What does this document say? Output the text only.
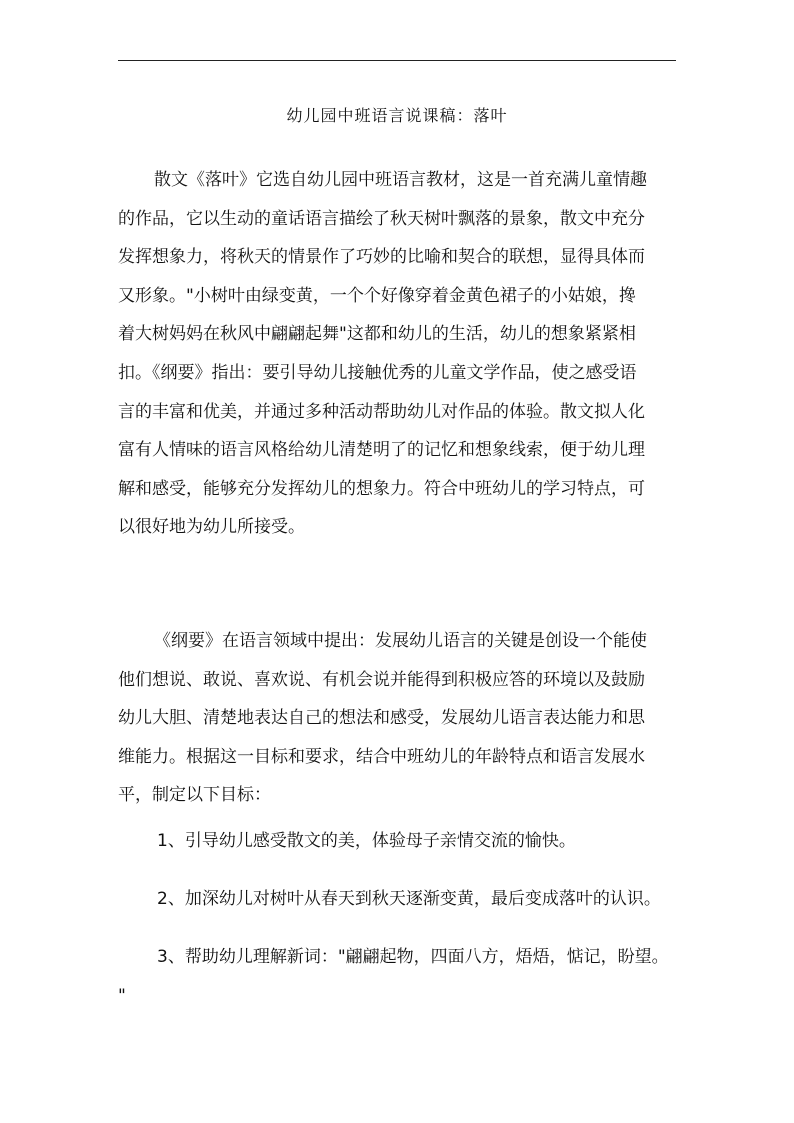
幼儿园中班语言说课稿：落叶
散文《落叶》它选自幼儿园中班语言教材，这是一首充满儿童情趣
的作品，它以生动的童话语言描绘了秋天树叶飘落的景象，散文中充分
发挥想象力，将秋天的情景作了巧妙的比喻和契合的联想，显得具体而
又形象。"小树叶由绿变黄，一个个好像穿着金黄色裙子的小姑娘，搀
着大树妈妈在秋风中翩翩起舞"这都和幼儿的生活，幼儿的想象紧紧相
扣。《纲要》指出：要引导幼儿接触优秀的儿童文学作品，使之感受语
言的丰富和优美，并通过多种活动帮助幼儿对作品的体验。散文拟人化
富有人情味的语言风格给幼儿清楚明了的记忆和想象线索，便于幼儿理
解和感受，能够充分发挥幼儿的想象力。符合中班幼儿的学习特点，可
以很好地为幼儿所接受。
《纲要》在语言领域中提出：发展幼儿语言的关键是创设一个能使
他们想说、敢说、喜欢说、有机会说并能得到积极应答的环境以及鼓励
幼儿大胆、清楚地表达自己的想法和感受，发展幼儿语言表达能力和思
维能力。根据这一目标和要求，结合中班幼儿的年龄特点和语言发展水
平，制定以下目标：
1、引导幼儿感受散文的美，体验母子亲情交流的愉快。
2、加深幼儿对树叶从春天到秋天逐渐变黄，最后变成落叶的认识。
3、帮助幼儿理解新词："翩翩起物，四面八方，焐焐，惦记，盼望。
"
